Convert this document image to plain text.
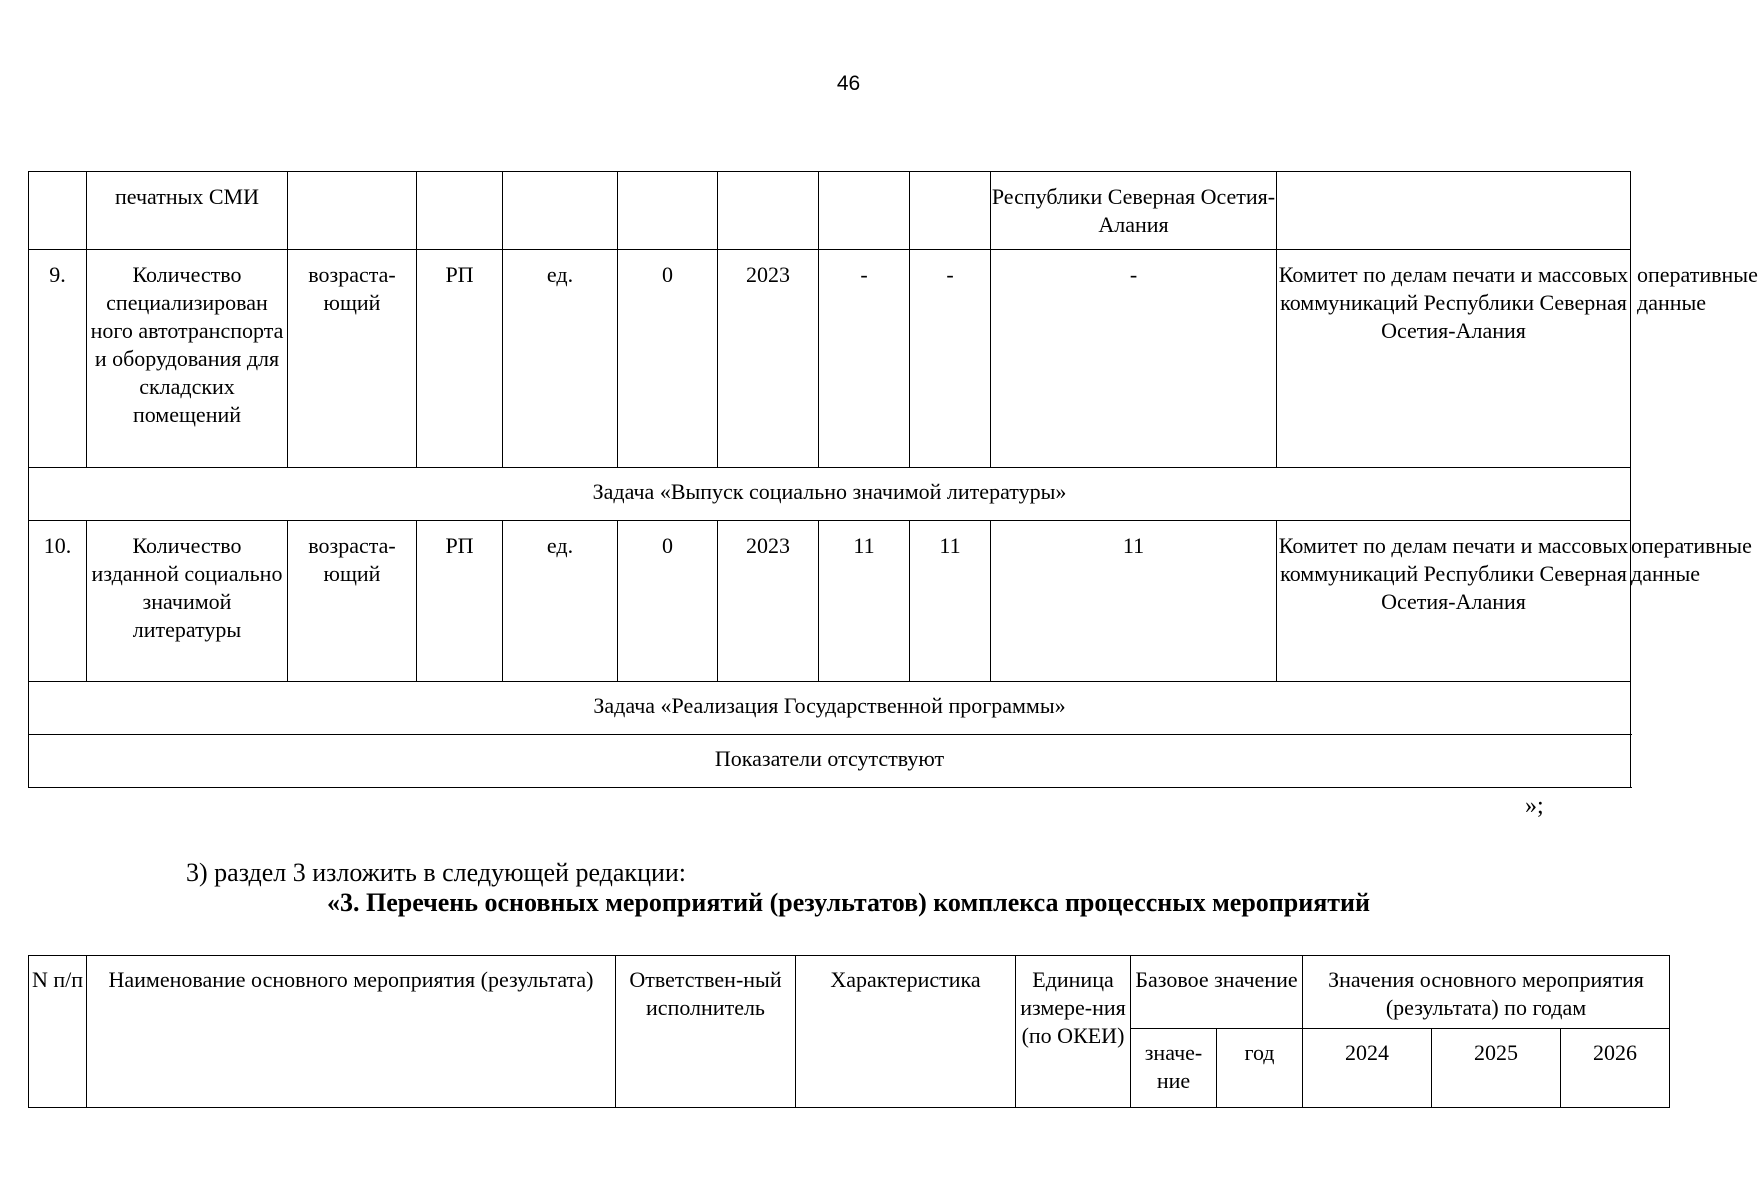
46
	печатных СМИ								Республики Северная Осетия-Алания		
9.	Количество специализирован ного автотранспорта и оборудования для складских помещений	возраста-ющий	РП	ед.	0	2023	-	-	-	Комитет по делам печати и массовых коммуникаций Республики Северная Осетия-Алания	оперативные данные
Задача «Выпуск социально значимой литературы»											
10.	Количество изданной социально значимой литературы	возраста-ющий	РП	ед.	0	2023	11	11	11	Комитет по делам печати и массовых коммуникаций Республики Северная Осетия-Алания	оперативные данные
Задача «Реализация Государственной программы»											
Показатели отсутствуют											
»;
3) раздел 3 изложить в следующей редакции:
«3. Перечень основных мероприятий (результатов) комплекса процессных мероприятий
N п/п	Наименование основного мероприятия (результата)	Ответствен-ный исполнитель	Характеристика	Единица измере-ния (по ОКЕИ)	Базовое значение		Значения основного мероприятия (результата) по годам		
					значе-ние	год	2024	2025	2026
